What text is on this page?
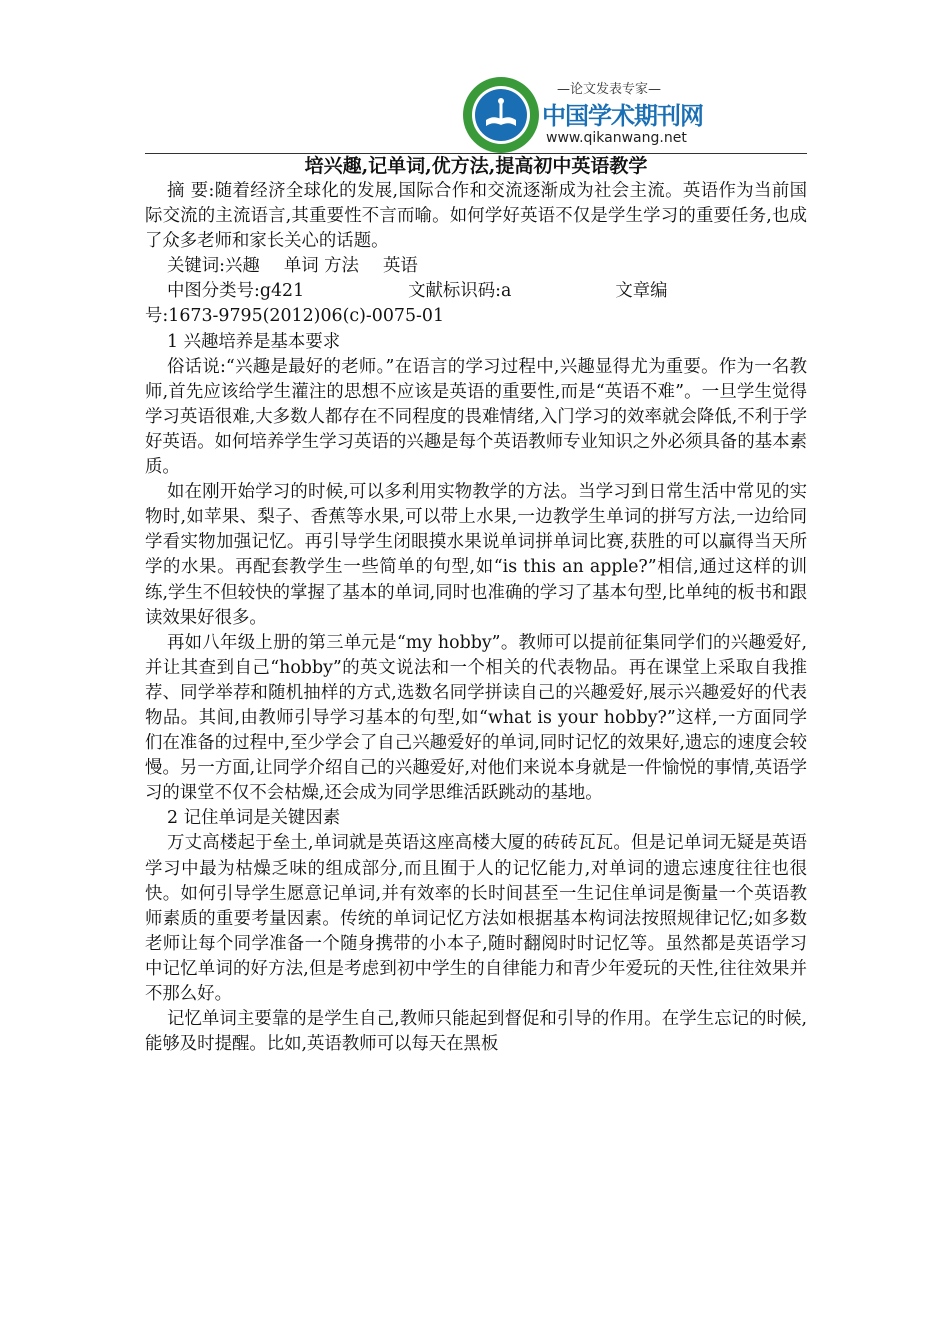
—论文发表专家—
中国学术期刊网
www.qikanwang.net
培兴趣,记单词,优方法,提高初中英语教学

摘 要:随着经济全球化的发展,国际合作和交流逐渐成为社会主流。英语作为当前国际交流的主流语言,其重要性不言而喻。如何学好英语不仅是学生学习的重要任务,也成了众多老师和家长关心的话题。

关键词:兴趣 单词 方法 英语

中图分类号:g421	文献标识码:a	文章编

号:1673-9795(2012)06(c)-0075-01

1 兴趣培养是基本要求

俗话说:“兴趣是最好的老师。”在语言的学习过程中,兴趣显得尤为重要。作为一名教师,首先应该给学生灌注的思想不应该是英语的重要性,而是“英语不难”。一旦学生觉得学习英语很难,大多数人都存在不同程度的畏难情绪,入门学习的效率就会降低,不利于学好英语。如何培养学生学习英语的兴趣是每个英语教师专业知识之外必须具备的基本素质。

如在刚开始学习的时候,可以多利用实物教学的方法。当学习到日常生活中常见的实物时,如苹果、梨子、香蕉等水果,可以带上水果,一边教学生单词的拼写方法,一边给同学看实物加强记忆。再引导学生闭眼摸水果说单词拼单词比赛,获胜的可以赢得当天所学的水果。再配套教学生一些简单的句型,如“is this an apple?”相信,通过这样的训练,学生不但较快的掌握了基本的单词,同时也准确的学习了基本句型,比单纯的板书和跟读效果好很多。

再如八年级上册的第三单元是“my hobby”。教师可以提前征集同学们的兴趣爱好,并让其查到自己“hobby”的英文说法和一个相关的代表物品。再在课堂上采取自我推荐、同学举荐和随机抽样的方式,选数名同学拼读自己的兴趣爱好,展示兴趣爱好的代表物品。其间,由教师引导学习基本的句型,如“what is your hobby?”这样,一方面同学们在准备的过程中,至少学会了自己兴趣爱好的单词,同时记忆的效果好,遗忘的速度会较慢。另一方面,让同学介绍自己的兴趣爱好,对他们来说本身就是一件愉悦的事情,英语学习的课堂不仅不会枯燥,还会成为同学思维活跃跳动的基地。

2 记住单词是关键因素

万丈高楼起于垒土,单词就是英语这座高楼大厦的砖砖瓦瓦。但是记单词无疑是英语学习中最为枯燥乏味的组成部分,而且囿于人的记忆能力,对单词的遗忘速度往往也很快。如何引导学生愿意记单词,并有效率的长时间甚至一生记住单词是衡量一个英语教师素质的重要考量因素。传统的单词记忆方法如根据基本构词法按照规律记忆;如多数老师让每个同学准备一个随身携带的小本子,随时翻阅时时记忆等。虽然都是英语学习中记忆单词的好方法,但是考虑到初中学生的自律能力和青少年爱玩的天性,往往效果并不那么好。

记忆单词主要靠的是学生自己,教师只能起到督促和引导的作用。在学生忘记的时候,能够及时提醒。比如,英语教师可以每天在黑板
